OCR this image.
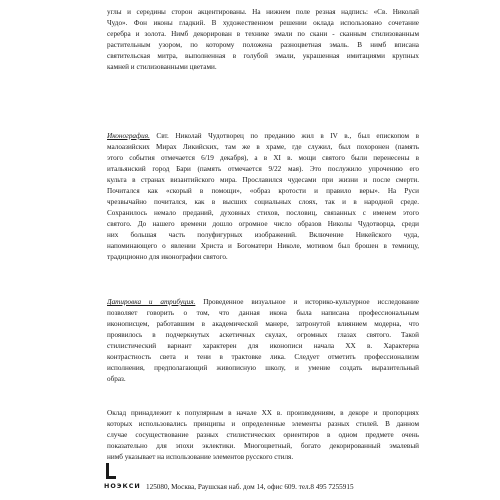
углы и середины сторон акцентированы. На нижнем поле резная надпись: «Св. Николай
Чудо». Фон иконы гладкий. В художественном решении оклада использовано сочетание
серебра и золота. Нимб декорирован в технике эмали по скани - сканным стилизованным
растительным узором, по которому положена разноцветная эмаль. В нимб вписана
святительская митра, выполненная в голубой эмали, украшенная имитациями крупных
камней и стилизованными цветами.
Иконография. Свт. Николай Чудотворец по преданию жил в IV в., был епископом в
малоазийских Мирах Ликийских, там же в храме, где служил, был похоронен (память
этого события отмечается 6/19 декабря), а в XI в. мощи святого были перенесены в
итальянский город Бари (память отмечается 9/22 мая). Это послужило упрочению его
культа в странах византийского мира. Прославился чудесами при жизни и после смерти.
Почитался как «скорый в помощи», «образ кротости и правило веры». На Руси
чрезвычайно почитался, как в высших социальных слоях, так и в народной среде.
Сохранилось немало преданий, духовных стихов, пословиц, связанных с именем этого
святого. До нашего времени дошло огромное число образов Николы Чудотворца, среди
них большая часть полуфигурных изображений. Включение Никейского чуда,
напоминающего о явлении Христа и Богоматери Николе, мотивом был брошен в темницу,
традиционно для иконографии святого.
Датировка и атрибуция. Проведенное визуальное и историко-культурное исследование
позволяет говорить о том, что данная икона была написана профессиональным
иконописцем, работавшим в академической манере, затронутой влиянием модерна, что
проявилось в подчеркнутых аскетичных скулах, огромных глазах святого. Такой
стилистический вариант характерен для иконописи начала XX в. Характерна
контрастность света и тени в трактовке лика. Следует отметить профессионализм
исполнения, предполагающий живописную школу, и умение создать выразительный
образ.
Оклад принадлежит к популярным в начале XX в. произведениям, в декоре и пропорциях
которых использовались принципы и определенные элементы разных стилей. В данном
случае сосуществование разных стилистических ориентиров в одном предмете очень
показательно для эпохи эклектики. Многоцветный, богато декорированный эмалевый
нимб указывает на использование элементов русского стиля.
НОЭКСИ 125080, Москва, Раушская наб. дом 14, офис 609. тел.8 495 7255915
